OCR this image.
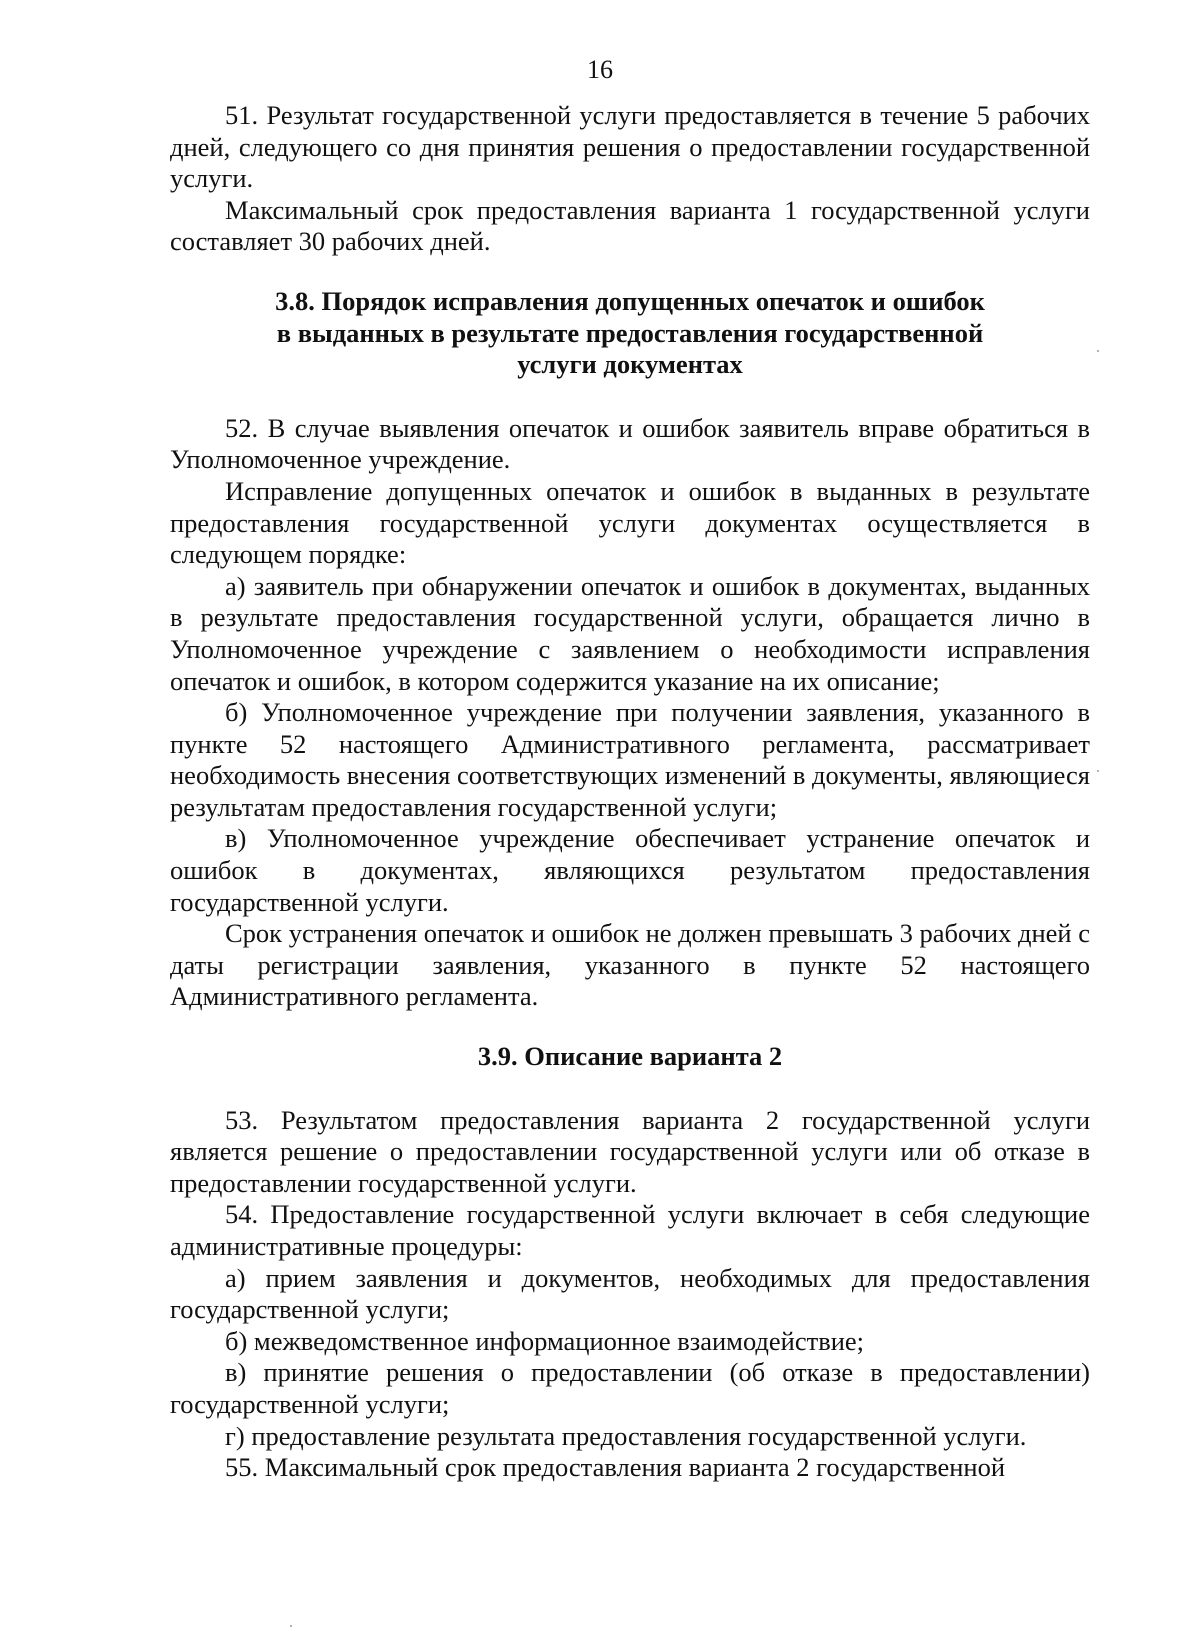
16

51. Результат государственной услуги предоставляется в течение 5 рабочих дней, следующего со дня принятия решения о предоставлении государственной услуги.

Максимальный срок предоставления варианта 1 государственной услуги составляет 30 рабочих дней.

3.8. Порядок исправления допущенных опечаток и ошибок
в выданных в результате предоставления государственной
услуги документах

52. В случае выявления опечаток и ошибок заявитель вправе обратиться в Уполномоченное учреждение.

Исправление допущенных опечаток и ошибок в выданных в результате предоставления государственной услуги документах осуществляется в следующем порядке:

а) заявитель при обнаружении опечаток и ошибок в документах, выданных в результате предоставления государственной услуги, обращается лично в Уполномоченное учреждение с заявлением о необходимости исправления опечаток и ошибок, в котором содержится указание на их описание;

б) Уполномоченное учреждение при получении заявления, указанного в пункте 52 настоящего Административного регламента, рассматривает необходимость внесения соответствующих изменений в документы, являющиеся результатам предоставления государственной услуги;

в) Уполномоченное учреждение обеспечивает устранение опечаток и ошибок в документах, являющихся результатом предоставления государственной услуги.

Срок устранения опечаток и ошибок не должен превышать 3 рабочих дней с даты регистрации заявления, указанного в пункте 52 настоящего Административного регламента.

3.9. Описание варианта 2

53. Результатом предоставления варианта 2 государственной услуги является решение о предоставлении государственной услуги или об отказе в предоставлении государственной услуги.

54. Предоставление государственной услуги включает в себя следующие административные процедуры:

а) прием заявления и документов, необходимых для предоставления государственной услуги;

б) межведомственное информационное взаимодействие;

в) принятие решения о предоставлении (об отказе в предоставлении) государственной услуги;

г) предоставление результата предоставления государственной услуги.

55. Максимальный срок предоставления варианта 2 государственной
